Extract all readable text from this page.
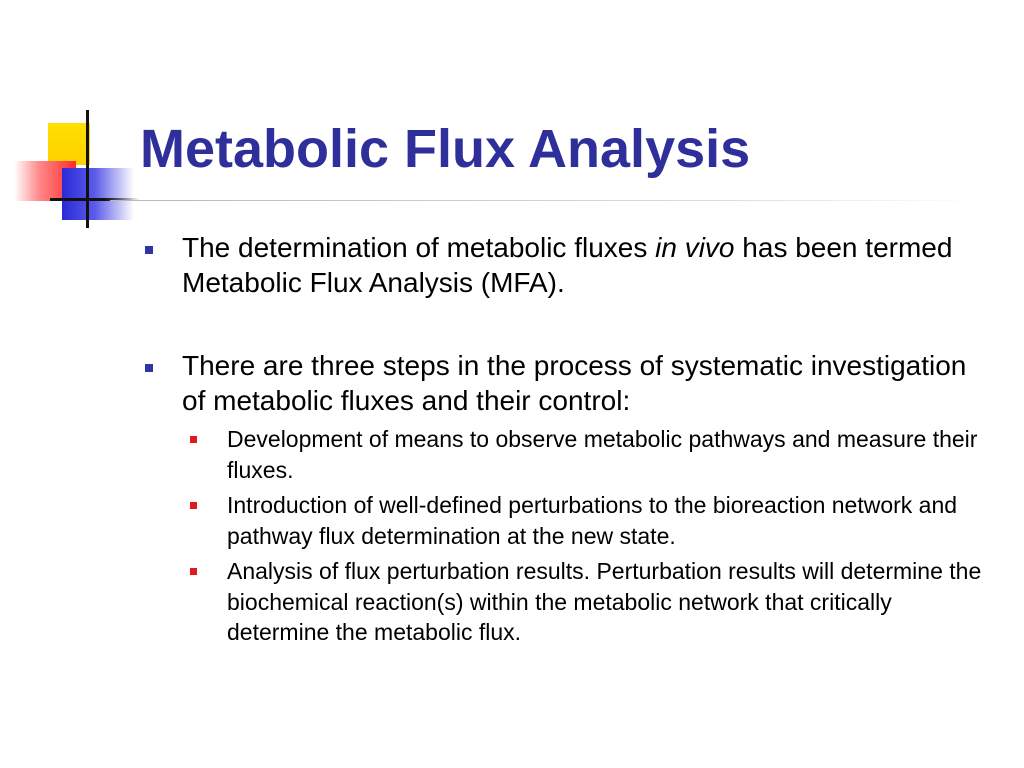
Metabolic Flux Analysis

The determination of metabolic fluxes in vivo has been termed Metabolic Flux Analysis (MFA).

There are three steps in the process of systematic investigation of metabolic fluxes and their control:

Development of means to observe metabolic pathways and measure their fluxes.

Introduction of well-defined perturbations to the bioreaction network and pathway flux determination at the new state.

Analysis of flux perturbation results. Perturbation results will determine the biochemical reaction(s) within the metabolic network that critically determine the metabolic flux.
